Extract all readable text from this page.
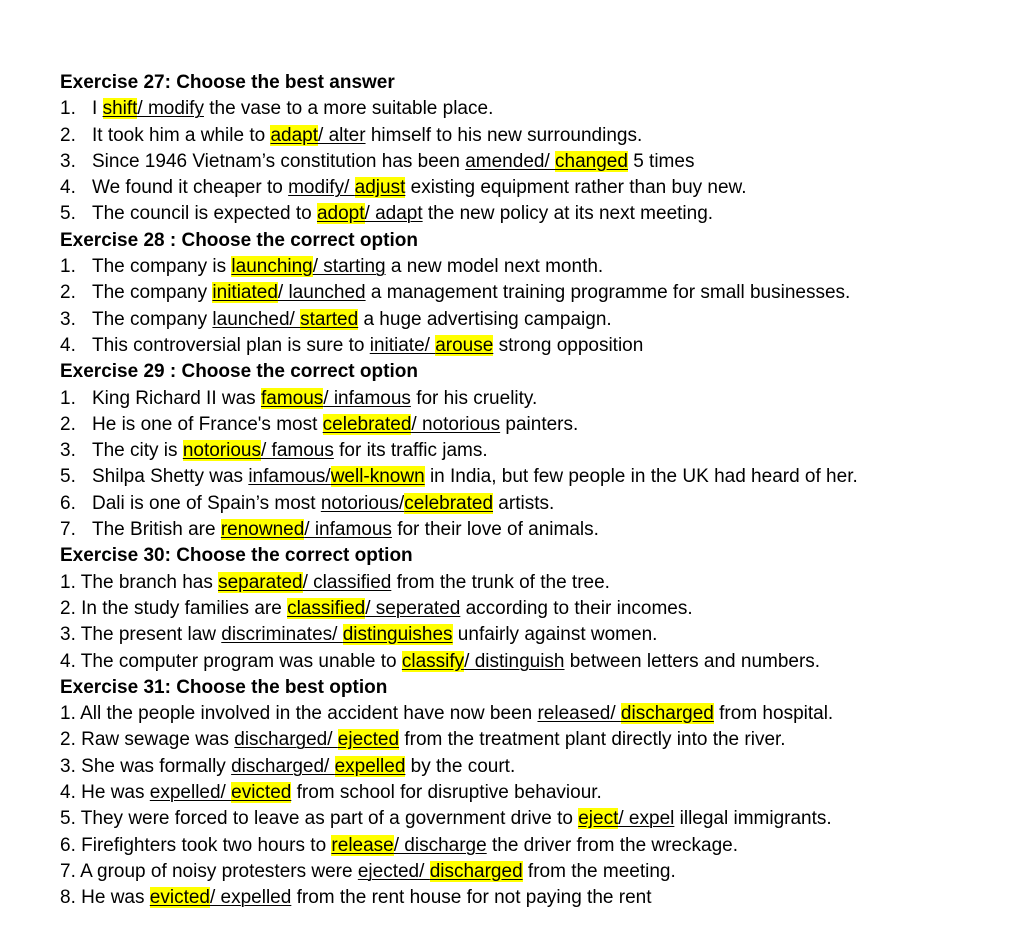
Exercise 27: Choose the best answer
1. I shift/ modify the vase to a more suitable place.
2. It took him a while to adapt/ alter himself to his new surroundings.
3. Since 1946 Vietnam’s constitution has been amended/ changed 5 times
4. We found it cheaper to modify/ adjust existing equipment rather than buy new.
5. The council is expected to adopt/ adapt the new policy at its next meeting.
Exercise 28 : Choose the correct option
1. The company is launching/ starting a new model next month.
2. The company initiated/ launched a management training programme for small businesses.
3. The company launched/ started a huge advertising campaign.
4. This controversial plan is sure to initiate/ arouse strong opposition
Exercise 29 : Choose the correct option
1. King Richard II was famous/ infamous for his cruelity.
2. He is one of France's most celebrated/ notorious painters.
3. The city is notorious/ famous for its traffic jams.
5. Shilpa Shetty was infamous/well-known in India, but few people in the UK had heard of her.
6. Dali is one of Spain’s most notorious/celebrated artists.
7. The British are renowned/ infamous for their love of animals.
Exercise 30: Choose the correct option
1. The branch has separated/ classified from the trunk of the tree.
2. In the study families are classified/ seperated according to their incomes.
3. The present law discriminates/ distinguishes unfairly against women.
4. The computer program was unable to classify/ distinguish between letters and numbers.
Exercise 31: Choose the best option
1. All the people involved in the accident have now been released/ discharged from hospital.
2. Raw sewage was discharged/ ejected from the treatment plant directly into the river.
3. She was formally discharged/ expelled by the court.
4. He was expelled/ evicted from school for disruptive behaviour.
5. They were forced to leave as part of a government drive to eject/ expel illegal immigrants.
6. Firefighters took two hours to release/ discharge the driver from the wreckage.
7. A group of noisy protesters were ejected/ discharged from the meeting.
8. He was evicted/ expelled from the rent house for not paying the rent
